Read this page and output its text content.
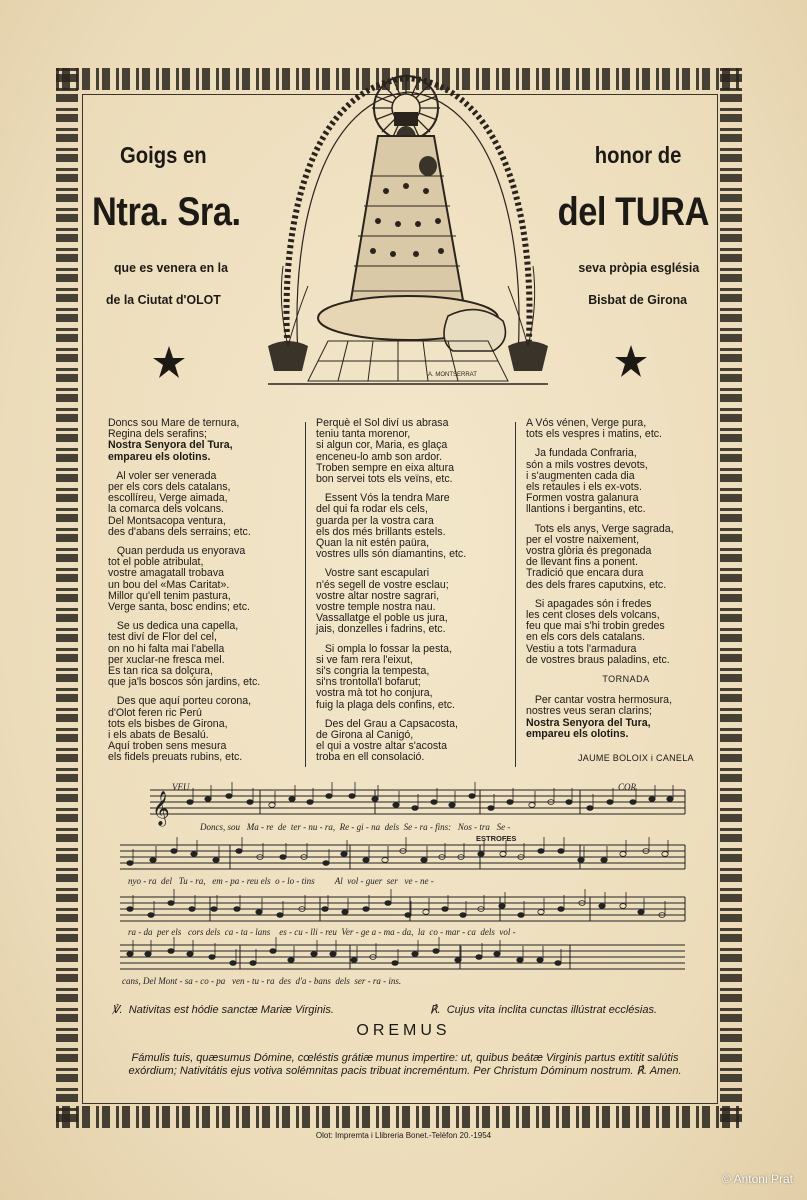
Goigs en
Ntra. Sra.
que es venera en la
de la Ciutat d'OLOT
honor de
del TURA
seva pròpia església
Bisbat de Girona
A. MONTSERRAT

Doncs sou Mare de ternura,
Regina dels serafins;
Nostra Senyora del Tura,
empareu els olotins.

Al voler ser venerada
per els cors dels catalans,
escollíreu, Verge aimada,
la comarca dels volcans.
Del Montsacopa ventura,
des d'abans dels serrains; etc.

Quan perduda us enyorava
tot el poble atribulat,
vostre amagatall trobava
un bou del «Mas Caritat».
Millor qu'ell tenim pastura,
Verge santa, bosc endins; etc.

Se us dedica una capella,
test diví de Flor del cel,
on no hi falta mai l'abella
per xuclar-ne fresca mel.
Es tan rica sa dolçura,
que ja'ls boscos són jardins, etc.

Des que aquí porteu corona,
d'Olot feren ric Perú
tots els bisbes de Girona,
i els abats de Besalú.
Aquí troben sens mesura
els fidels preuats rubins, etc.

Perquè el Sol diví us abrasa
teniu tanta morenor,
si algun cor, Maria, es glaça
enceneu-lo amb son ardor.
Troben sempre en eixa altura
bon servei tots els veïns, etc.

Essent Vós la tendra Mare
del qui fa rodar els cels,
guarda per la vostra cara
els dos més brillants estels.
Quan la nit estén paüra,
vostres ulls són diamantins, etc.

Vostre sant escapulari
n'és segell de vostre esclau;
vostre altar nostre sagrari,
vostre temple nostra nau.
Vassallatge el poble us jura,
jais, donzelles i fadrins, etc.

Si ompla lo fossar la pesta,
si ve fam rera l'eixut,
si's congria la tempesta,
si'ns trontolla'l bofarut;
vostra mà tot ho conjura,
fuig la plaga dels confins, etc.

Des del Grau a Capsacosta,
de Girona al Canigó,
el qui a vostre altar s'acosta
troba en ell consolació.

A Vós vénen, Verge pura,
tots els vespres i matins, etc.

Ja fundada Confraria,
són a mils vostres devots,
i s'augmenten cada dia
els retaules i els ex-vots.
Formen vostra galanura
llantions i bergantins, etc.

Tots els anys, Verge sagrada,
per el vostre naixement,
vostra glòria és pregonada
de llevant fins a ponent.
Tradició que encara dura
des dels frares caputxins, etc.

Si apagades són i fredes
les cent closes dels volcans,
feu que mai s'hi trobin gredes
en els cors dels catalans.
Vestiu a tots l'armadura
de vostres braus paladins, etc.

TORNADA

Per cantar vostra hermosura,
nostres veus seran clarins;
Nostra Senyora del Tura,
empareu els olotins.

JAUME BOLOIX i CANELA
𝄞
VEU	COR
ESTROFES
Doncs, sou   Ma - re  de  ter - nu - ra,  Re - gi - na  dels  Se - ra - fins:   Nos - tra   Se -
nyo - ra  del   Tu - ra,   em - pa - reu els  o - lo - tins         Al  vol - guer  ser   ve - ne -
ra - da  per els   cors dels  ca - ta - lans    es - cu - lli - reu  Ver - ge a - ma - da,  la  co - mar - ca  dels  vol -
cans, Del Mont - sa - co - pa   ven - tu - ra  des  d'a - bans  dels  ser - ra - ins.
℣. Nativitas est hódie sanctæ Mariæ Virginis.	℟. Cujus vita ínclita cunctas illústrat ecclésias.
OREMUS
Fámulis tuis, quæsumus Dómine, cœléstis grátiæ munus impertire: ut, quibus beátæ Virginis partus extitit salútis exórdium; Nativitátis ejus votiva solémnitas pacis tribuat increméntum. Per Christum Dóminum nostrum. ℟. Amen.
Olot: Impremta i Llibreria Bonet.-Telèfon 20.-1954
© Antoni Prat
